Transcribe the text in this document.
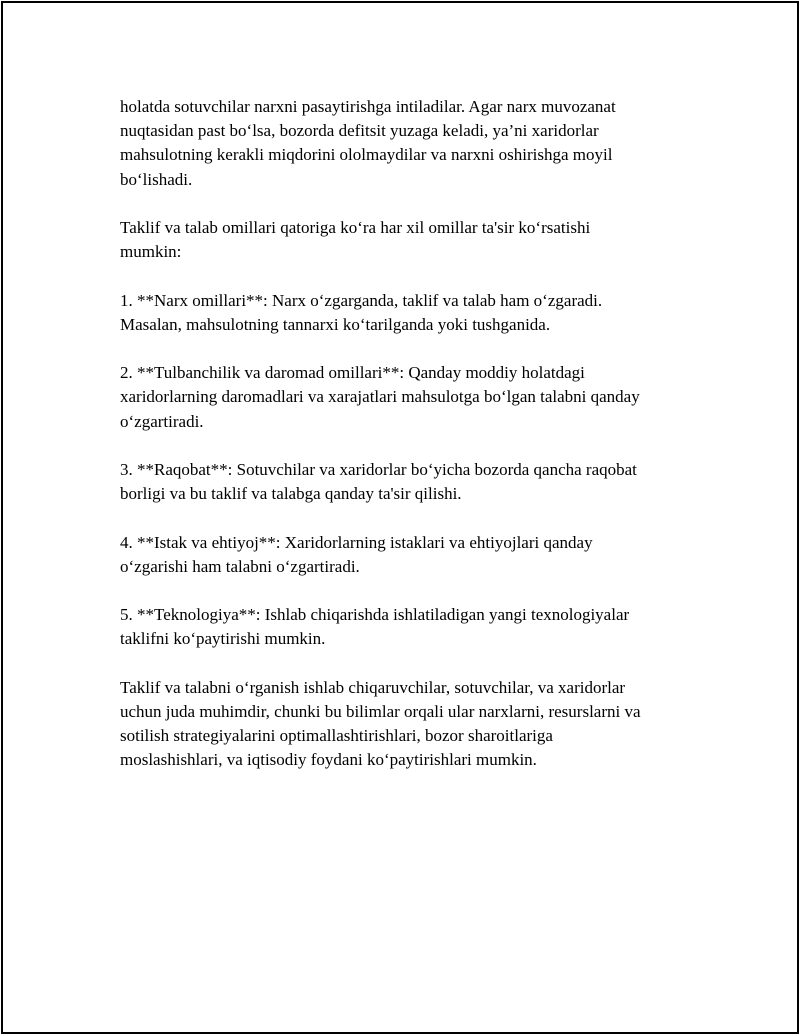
holatda sotuvchilar narxni pasaytirishga intiladilar. Agar narx muvozanat
nuqtasidan past bo‘lsa, bozorda defitsit yuzaga keladi, ya’ni xaridorlar
mahsulotning kerakli miqdorini ololmaydilar va narxni oshirishga moyil
bo‘lishadi.

Taklif va talab omillari qatoriga ko‘ra har xil omillar ta'sir ko‘rsatishi
mumkin:

1. **Narx omillari**: Narx o‘zgarganda, taklif va talab ham o‘zgaradi.
Masalan, mahsulotning tannarxi ko‘tarilganda yoki tushganida.

2. **Tulbanchilik va daromad omillari**: Qanday moddiy holatdagi
xaridorlarning daromadlari va xarajatlari mahsulotga bo‘lgan talabni qanday
o‘zgartiradi.

3. **Raqobat**: Sotuvchilar va xaridorlar bo‘yicha bozorda qancha raqobat
borligi va bu taklif va talabga qanday ta'sir qilishi.

4. **Istak va ehtiyoj**: Xaridorlarning istaklari va ehtiyojlari qanday
o‘zgarishi ham talabni o‘zgartiradi.

5. **Teknologiya**: Ishlab chiqarishda ishlatiladigan yangi texnologiyalar
taklifni ko‘paytirishi mumkin.

Taklif va talabni o‘rganish ishlab chiqaruvchilar, sotuvchilar, va xaridorlar
uchun juda muhimdir, chunki bu bilimlar orqali ular narxlarni, resurslarni va
sotilish strategiyalarini optimallashtirishlari, bozor sharoitlariga
moslashishlari, va iqtisodiy foydani ko‘paytirishlari mumkin.
